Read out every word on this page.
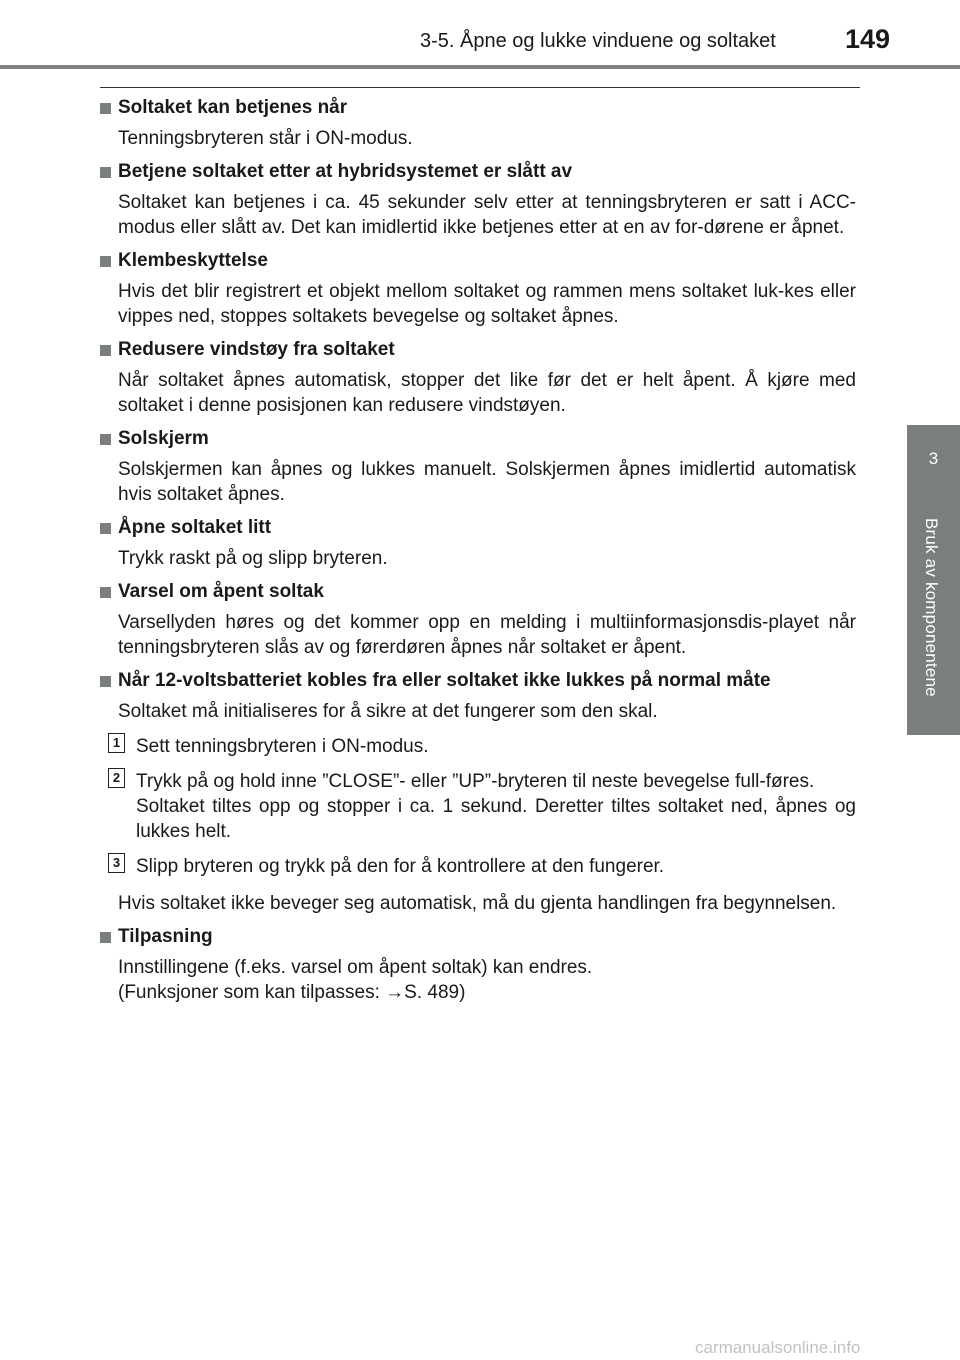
3-5. Åpne og lukke vinduene og soltaket	149
3
Bruk av komponentene
Soltaket kan betjenes når
Tenningsbryteren står i ON-modus.
Betjene soltaket etter at hybridsystemet er slått av
Soltaket kan betjenes i ca. 45 sekunder selv etter at tenningsbryteren er satt i ACC-modus eller slått av. Det kan imidlertid ikke betjenes etter at en av for-dørene er åpnet.
Klembeskyttelse
Hvis det blir registrert et objekt mellom soltaket og rammen mens soltaket luk-kes eller vippes ned, stoppes soltakets bevegelse og soltaket åpnes.
Redusere vindstøy fra soltaket
Når soltaket åpnes automatisk, stopper det like før det er helt åpent. Å kjøre med soltaket i denne posisjonen kan redusere vindstøyen.
Solskjerm
Solskjermen kan åpnes og lukkes manuelt. Solskjermen åpnes imidlertid automatisk hvis soltaket åpnes.
Åpne soltaket litt
Trykk raskt på og slipp bryteren.
Varsel om åpent soltak
Varsellyden høres og det kommer opp en melding i multiinformasjonsdis-playet når tenningsbryteren slås av og førerdøren åpnes når soltaket er åpent.
Når 12-voltsbatteriet kobles fra eller soltaket ikke lukkes på normal måte
Soltaket må initialiseres for å sikre at det fungerer som den skal.
1 Sett tenningsbryteren i ON-modus.
2 Trykk på og hold inne ”CLOSE”- eller ”UP”-bryteren til neste bevegelse full-føres.
Soltaket tiltes opp og stopper i ca. 1 sekund. Deretter tiltes soltaket ned, åpnes og lukkes helt.
3 Slipp bryteren og trykk på den for å kontrollere at den fungerer.
Hvis soltaket ikke beveger seg automatisk, må du gjenta handlingen fra begynnelsen.
Tilpasning
Innstillingene (f.eks. varsel om åpent soltak) kan endres.
(Funksjoner som kan tilpasses: →S. 489)
carmanualsonline.info
